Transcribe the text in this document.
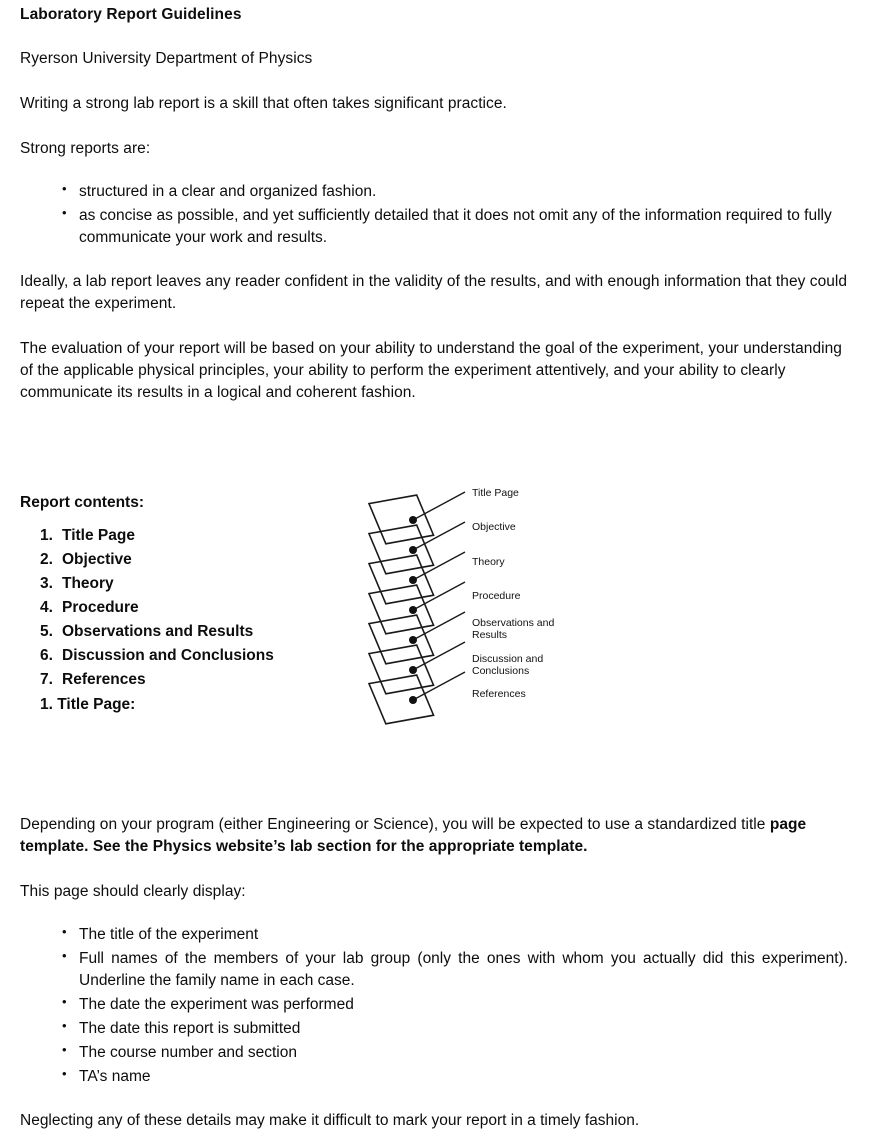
Laboratory Report Guidelines
Ryerson University Department of Physics
Writing a strong lab report is a skill that often takes significant practice.
Strong reports are:
• structured in a clear and organized fashion.
• as concise as possible, and yet sufficiently detailed that it does not omit any of the information required to fully communicate your work and results.
Ideally, a lab report leaves any reader confident in the validity of the results, and with enough information that they could repeat the experiment.
The evaluation of your report will be based on your ability to understand the goal of the experiment, your understanding of the applicable physical principles, your ability to perform the experiment attentively, and your ability to clearly communicate its results in a logical and coherent fashion.
Report contents:
1. Title Page
2. Objective
3. Theory
4. Procedure
5. Observations and Results
6. Discussion and Conclusions
7. References
1. Title Page:
Title Page
Objective
Theory
Procedure
Observations and Results
Discussion and Conclusions
References
Depending on your program (either Engineering or Science), you will be expected to use a standardized title page template. See the Physics website’s lab section for the appropriate template.
This page should clearly display:
• The title of the experiment
• Full names of the members of your lab group (only the ones with whom you actually did this experiment). Underline the family name in each case.
• The date the experiment was performed
• The date this report is submitted
• The course number and section
• TA’s name
Neglecting any of these details may make it difficult to mark your report in a timely fashion.
